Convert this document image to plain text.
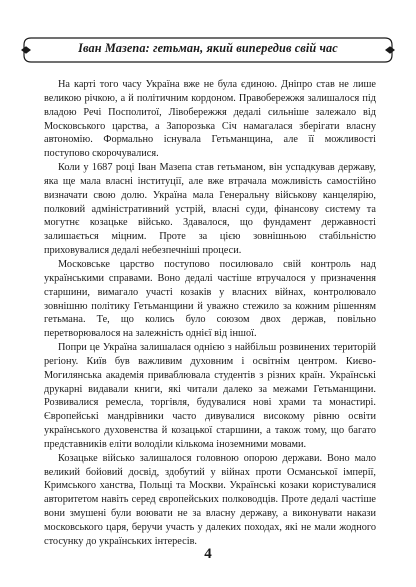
Іван Мазепа: гетьман, який випередив свій час

На карті того часу Україна вже не була єдиною. Дніпро став не лише великою річкою, а й політичним кордоном. Правобережжя залишалося під владою Речі Посполитої, Лівобережжя дедалі сильніше залежало від Московського царства, а Запорозька Січ намагалася зберігати власну автономію. Формально існувала Гетьманщина, але її можливості поступово скорочувалися.

Коли у 1687 році Іван Мазепа став гетьманом, він успадкував державу, яка ще мала власні інституції, але вже втрачала можливість самостійно визначати свою долю. Україна мала Генеральну військову канцелярію, полковий адміністративний устрій, власні суди, фінансову систему та могутнє козацьке військо. Здавалося, що фундамент державності залишається міцним. Проте за цією зовнішньою стабільністю приховувалися дедалі небезпечніші процеси.

Московське царство поступово посилювало свій контроль над українськими справами. Воно дедалі частіше втручалося у призначення старшини, вимагало участі козаків у власних війнах, контролювало зовнішню політику Гетьманщини й уважно стежило за кожним рішенням гетьмана. Те, що колись було союзом двох держав, повільно перетворювалося на залежність однієї від іншої.

Попри це Україна залишалася однією з найбільш розвинених територій регіону. Київ був важливим духовним і освітнім центром. Києво-Могилянська академія приваблювала студентів з різних країн. Українські друкарні видавали книги, які читали далеко за межами Гетьманщини. Розвивалися ремесла, торгівля, будувалися нові храми та монастирі. Європейські мандрівники часто дивувалися високому рівню освіти українського духовенства й козацької старшини, а також тому, що багато представників еліти володіли кількома іноземними мовами.

Козацьке військо залишалося головною опорою держави. Воно мало великий бойовий досвід, здобутий у війнах проти Османської імперії, Кримського ханства, Польщі та Москви. Українські козаки користувалися авторитетом навіть серед європейських полководців. Проте дедалі частіше вони змушені були воювати не за власну державу, а виконувати накази московського царя, беручи участь у далеких походах, які не мали жодного стосунку до українських інтересів.

4
